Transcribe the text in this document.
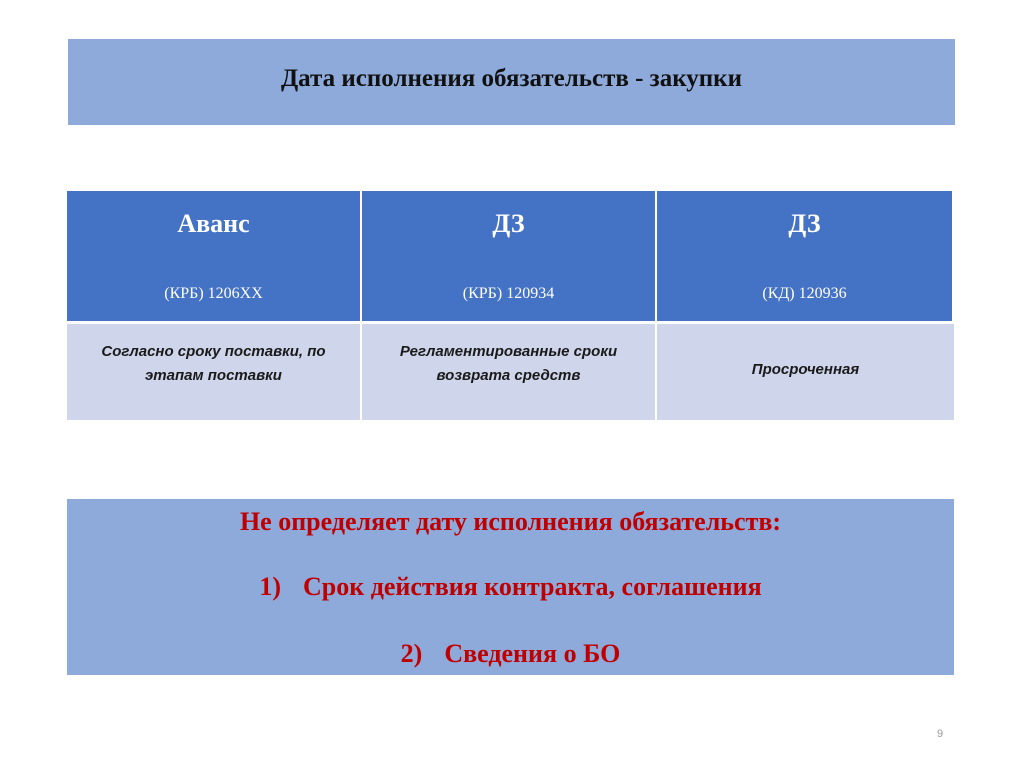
Дата исполнения обязательств - закупки
Аванс
(КРБ) 1206ХХ
ДЗ
(КРБ) 120934
ДЗ
(КД) 120936
Согласно сроку поставки, по
этапам поставки
Регламентированные сроки
возврата средств	Просроченная
Не определяет дату исполнения обязательств:
1) Срок действия контракта, соглашения
2) Сведения о БО
9
